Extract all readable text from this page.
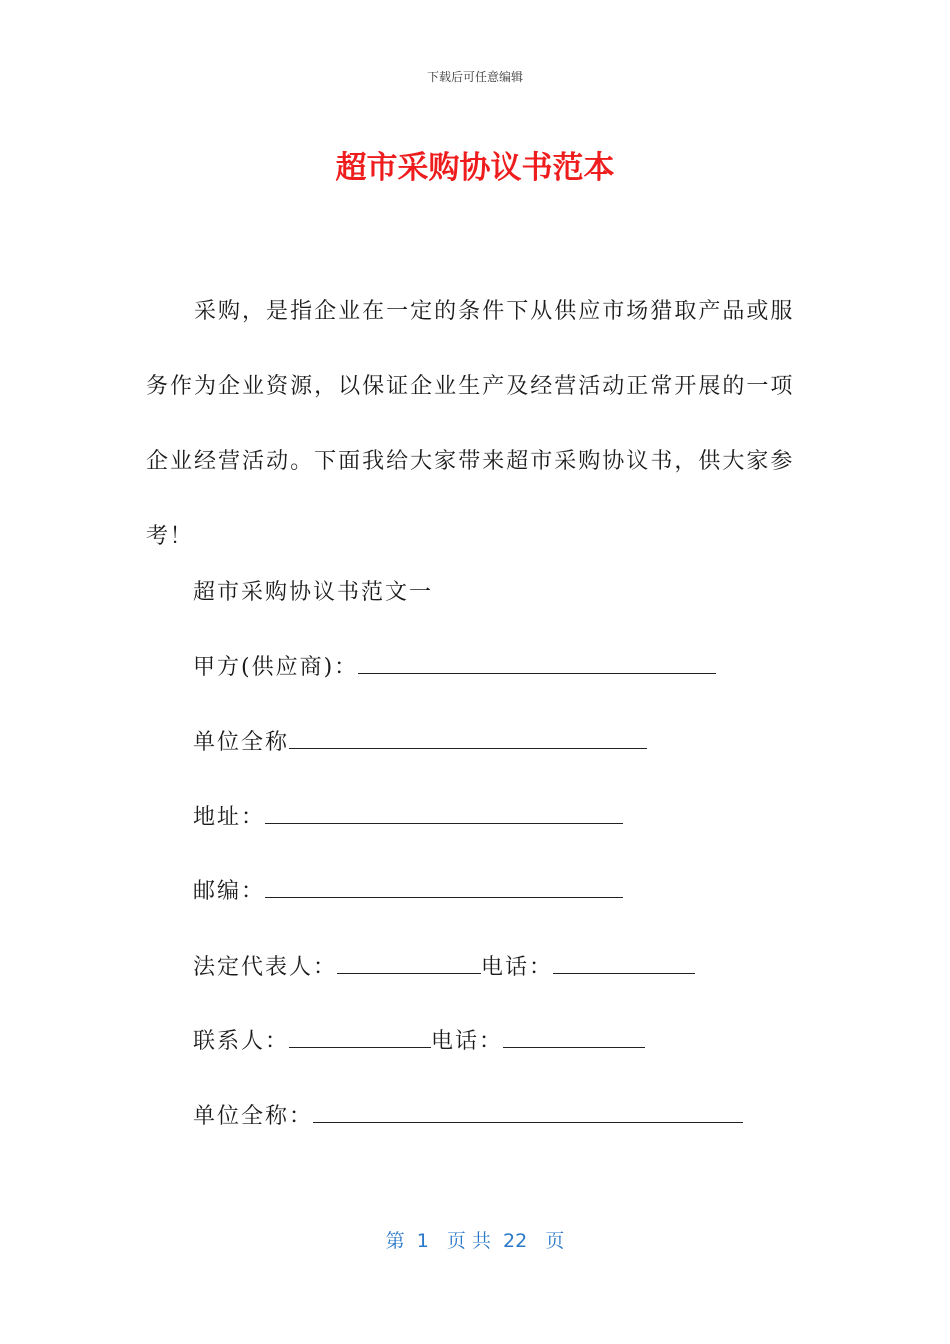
下载后可任意编辑
超市采购协议书范本

采购，是指企业在一定的条件下从供应市场猎取产品或服务作为企业资源，以保证企业生产及经营活动正常开展的一项企业经营活动。下面我给大家带来超市采购协议书，供大家参考！

超市采购协议书范文一
甲方(供应商)：
单位全称
地址：
邮编：
法定代表人：	电话：
联系人：	电话：
单位全称：
第  1   页 共  22   页
